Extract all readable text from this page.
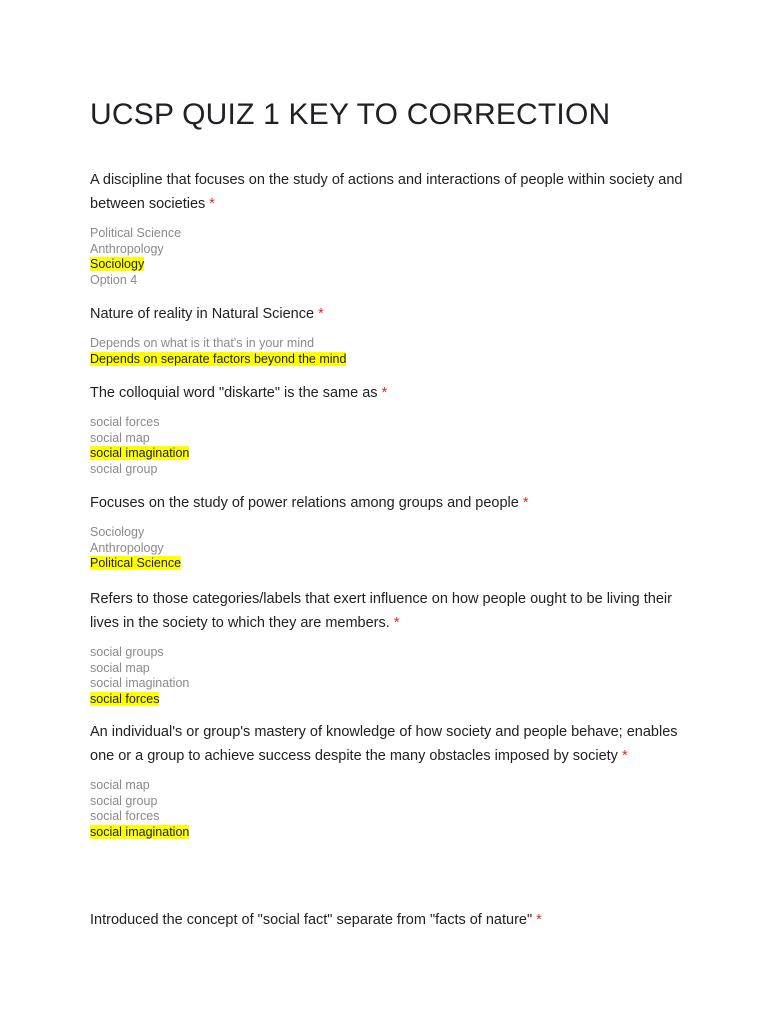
UCSP QUIZ 1 KEY TO CORRECTION

A discipline that focuses on the study of actions and interactions of people within society and between societies *

Political Science
Anthropology
Sociology
Option 4

Nature of reality in Natural Science *

Depends on what is it that's in your mind
Depends on separate factors beyond the mind

The colloquial word "diskarte" is the same as *

social forces
social map
social imagination
social group

Focuses on the study of power relations among groups and people *

Sociology
Anthropology
Political Science

Refers to those categories/labels that exert influence on how people ought to be living their lives in the society to which they are members. *

social groups
social map
social imagination
social forces

An individual's or group's mastery of knowledge of how society and people behave; enables one or a group to achieve success despite the many obstacles imposed by society *

social map
social group
social forces
social imagination

Introduced the concept of "social fact" separate from "facts of nature" *
